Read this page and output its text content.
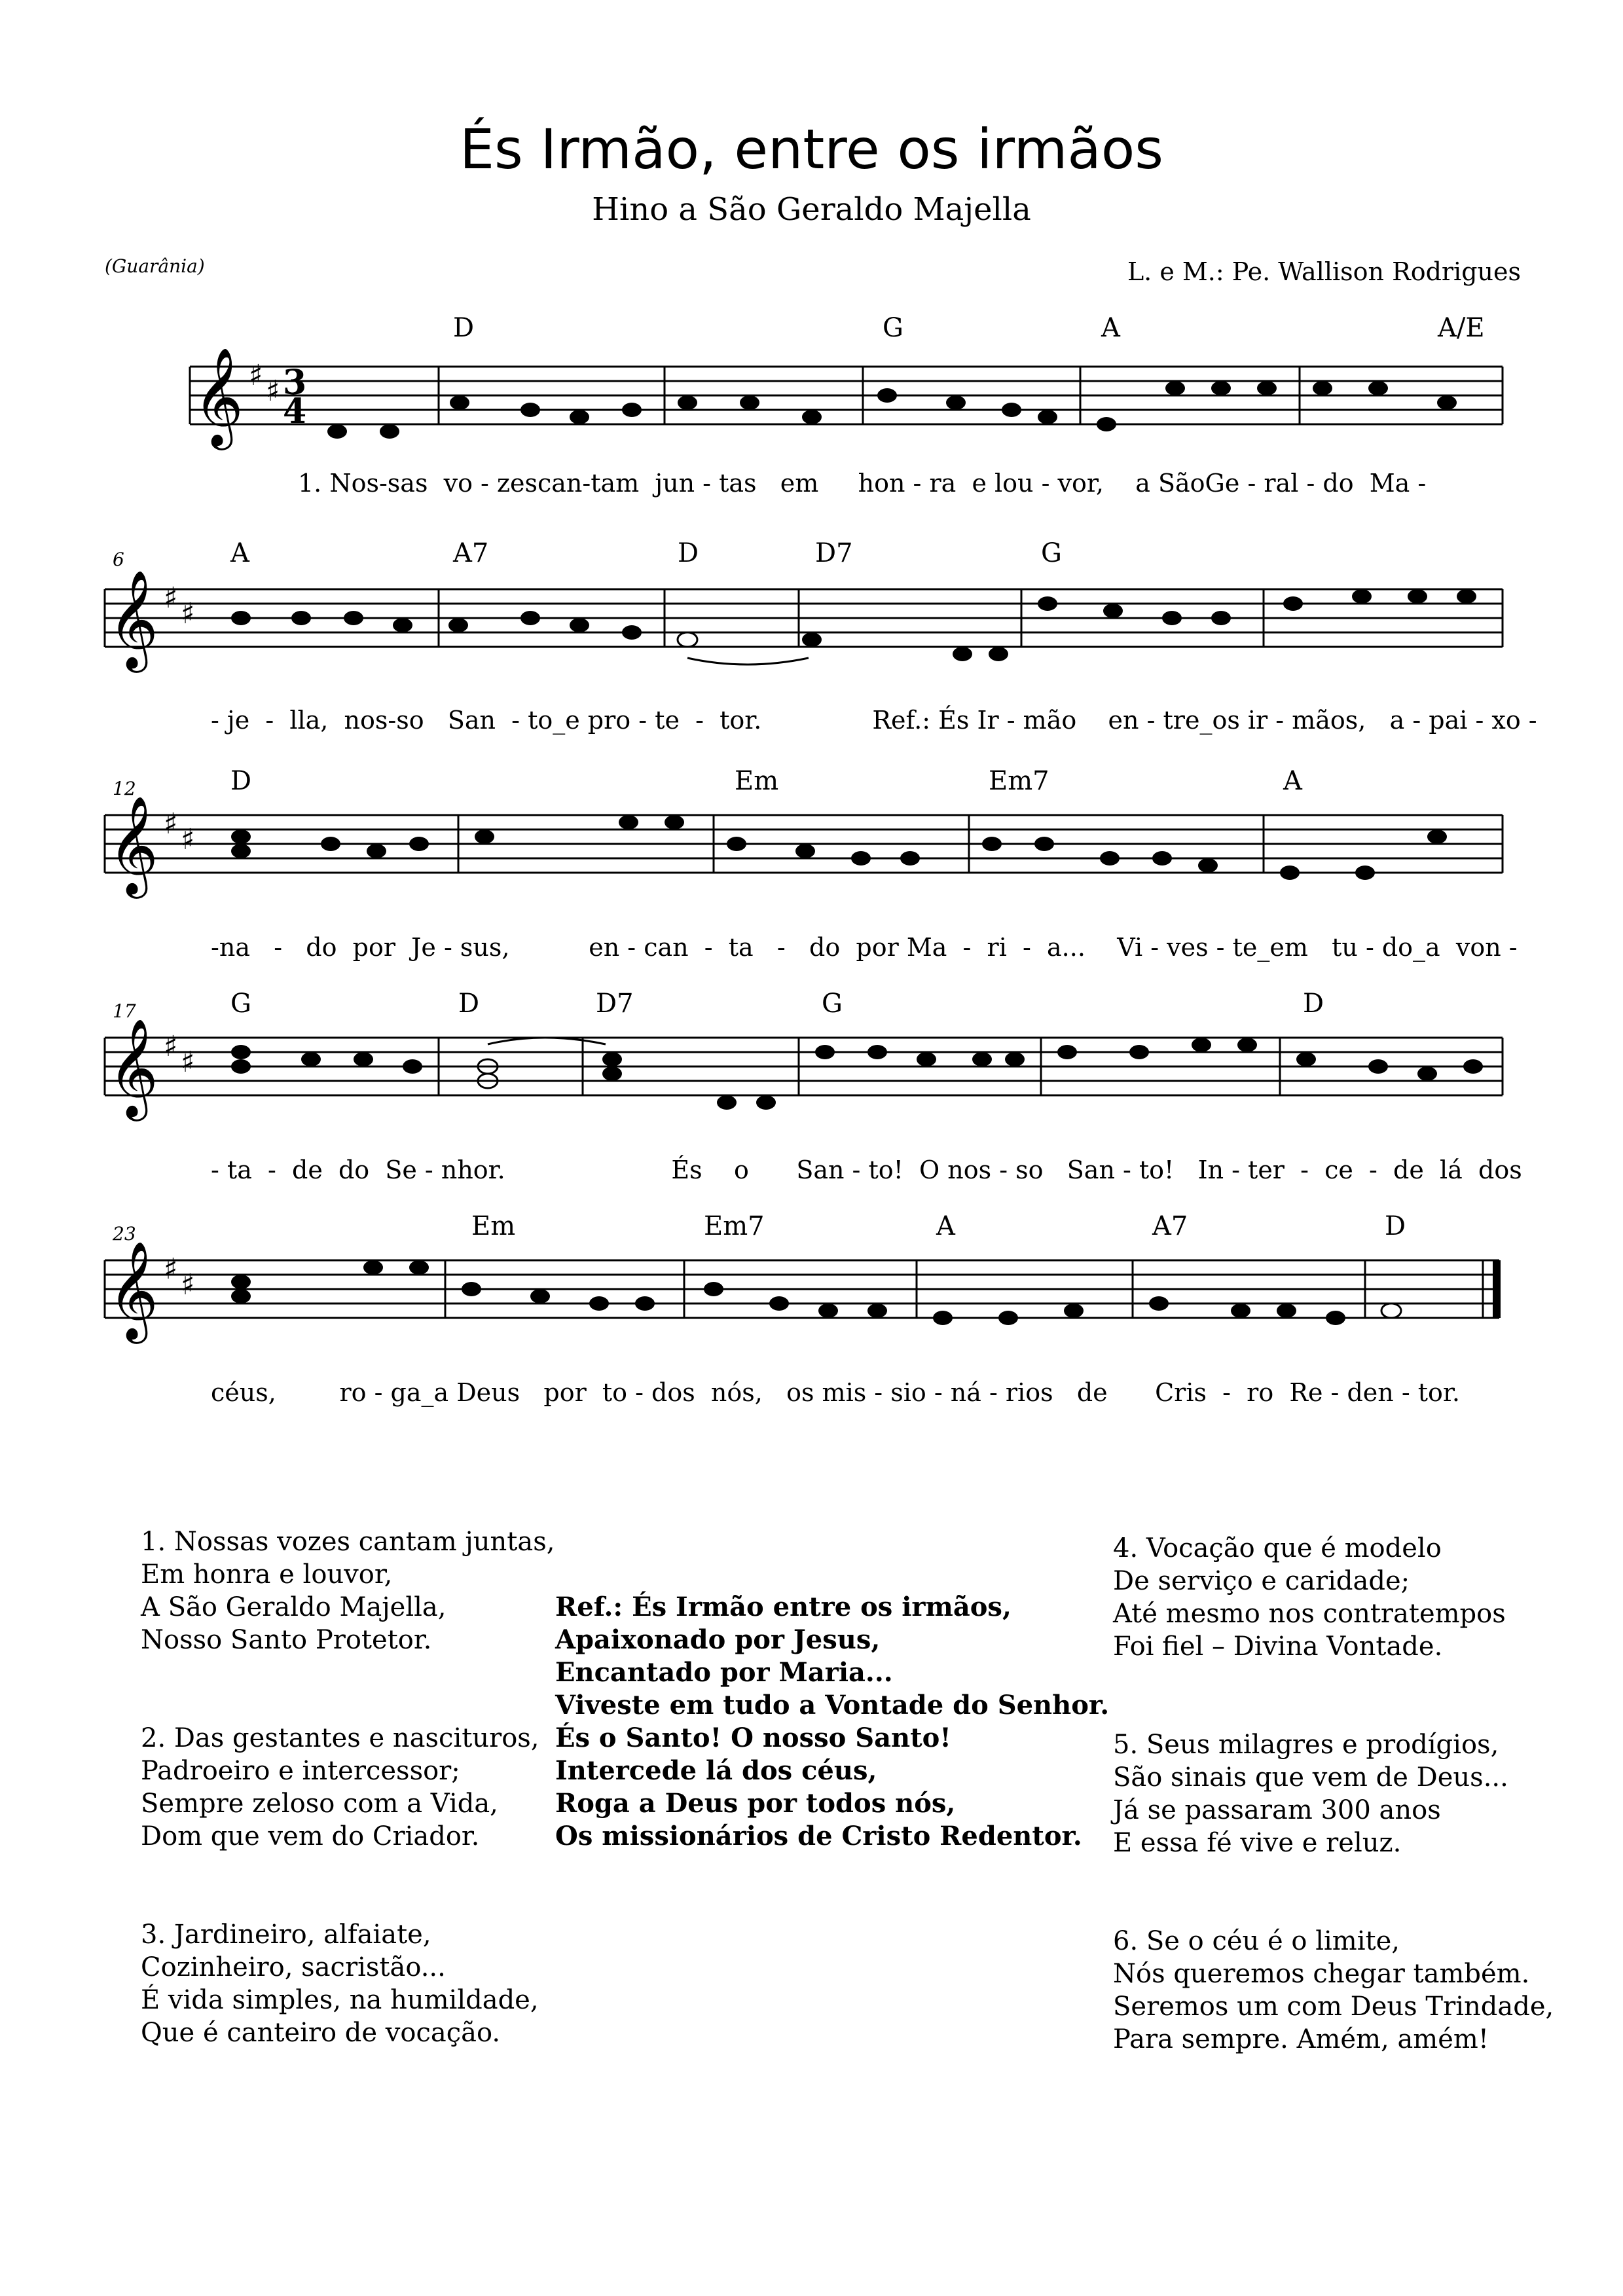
És Irmão, entre os irmãos
Hino a São Geraldo Majella
(Guarânia)	L. e M.: Pe. Wallison Rodrigues
D	G	A	A/E
𝄞 ♯ ♯ 3
4
1. Nos-sas  vo - zescan-tam  jun - tas   em     hon - ra  e lou - vor,    a SãoGe - ral - do  Ma -
6	A	A7	D	D7	G
𝄞 ♯ ♯
- je  -  lla,  nos-so   San  - to_e pro - te  -  tor.              Ref.: És Ir - mão    en - tre_os ir - mãos,   a - pai - xo -
12	D	Em	Em7	A
𝄞 ♯ ♯
-na   -   do  por  Je - sus,          en - can  -  ta   -   do  por Ma  -  ri  -  a...    Vi - ves - te_em   tu - do_a  von -
17	G	D	D7	G	D
𝄞 ♯ ♯
- ta  -  de  do  Se - nhor.                     És    o      San - to!  O nos - so   San - to!   In - ter  -  ce  -  de  lá  dos
23	Em	Em7	A	A7	D
𝄞 ♯ ♯
céus,        ro - ga_a Deus   por  to - dos  nós,   os mis - sio - ná - rios   de      Cris  -  ro  Re - den - tor.
1. Nossas vozes cantam juntas,
Em honra e louvor,
A São Geraldo Majella,
Nosso Santo Protetor.
2. Das gestantes e nascituros,
Padroeiro e intercessor;
Sempre zeloso com a Vida,
Dom que vem do Criador.
3. Jardineiro, alfaiate,
Cozinheiro, sacristão...
É vida simples, na humildade,
Que é canteiro de vocação.
Ref.: És Irmão entre os irmãos,
Apaixonado por Jesus,
Encantado por Maria...
Viveste em tudo a Vontade do Senhor.
És o Santo! O nosso Santo!
Intercede lá dos céus,
Roga a Deus por todos nós,
Os missionários de Cristo Redentor.
4. Vocação que é modelo
De serviço e caridade;
Até mesmo nos contratempos
Foi fiel – Divina Vontade.
5. Seus milagres e prodígios,
São sinais que vem de Deus...
Já se passaram 300 anos
E essa fé vive e reluz.
6. Se o céu é o limite,
Nós queremos chegar também.
Seremos um com Deus Trindade,
Para sempre. Amém, amém!
